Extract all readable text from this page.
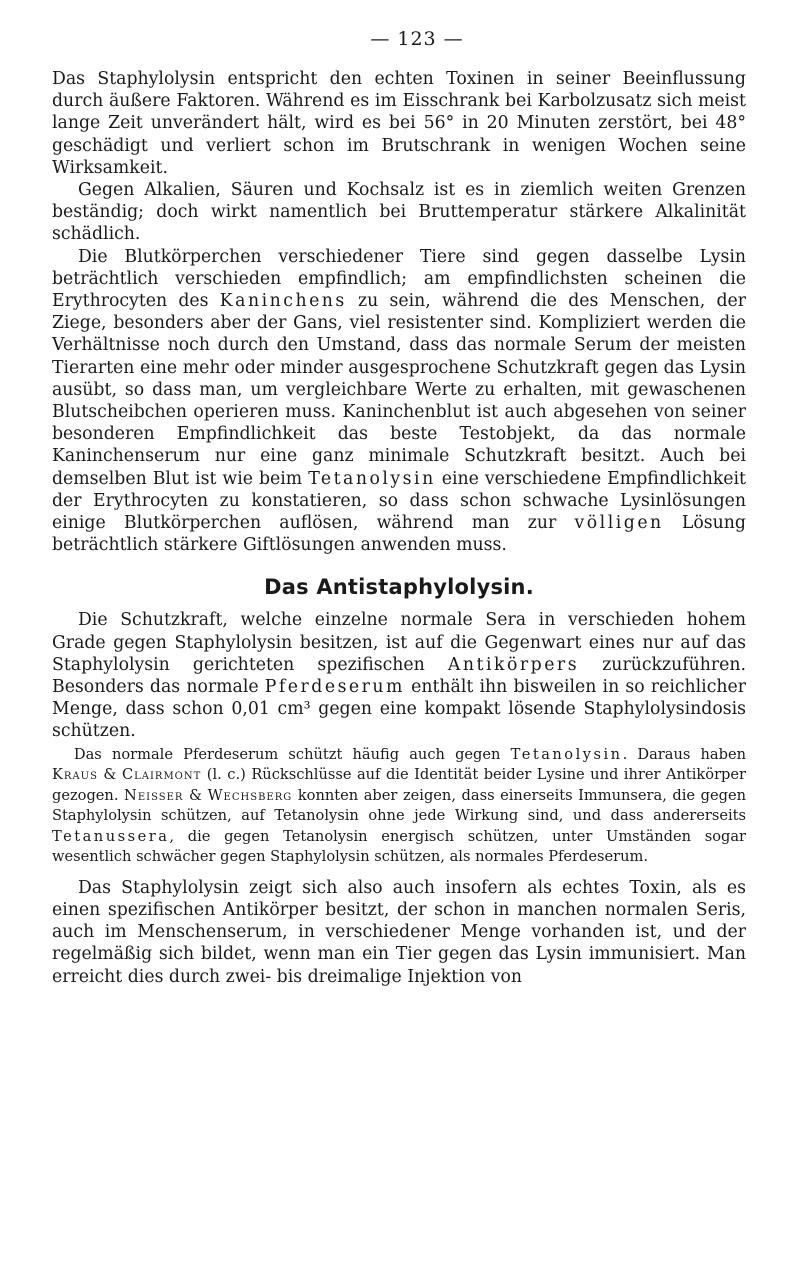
— 123 —

Das Staphylolysin entspricht den echten Toxinen in seiner Beeinflussung durch äußere Faktoren. Während es im Eisschrank bei Karbolzusatz sich meist lange Zeit unverändert hält, wird es bei 56° in 20 Minuten zerstört, bei 48° geschädigt und verliert schon im Brutschrank in wenigen Wochen seine Wirksamkeit.

Gegen Alkalien, Säuren und Kochsalz ist es in ziemlich weiten Grenzen beständig; doch wirkt namentlich bei Bruttemperatur stärkere Alkalinität schädlich.

Die Blutkörperchen verschiedener Tiere sind gegen dasselbe Lysin beträchtlich verschieden empfindlich; am empfindlichsten scheinen die Erythrocyten des Kaninchens zu sein, während die des Menschen, der Ziege, besonders aber der Gans, viel resistenter sind. Kompliziert werden die Verhältnisse noch durch den Umstand, dass das normale Serum der meisten Tierarten eine mehr oder minder ausgesprochene Schutzkraft gegen das Lysin ausübt, so dass man, um vergleichbare Werte zu erhalten, mit gewaschenen Blutscheibchen operieren muss. Kaninchenblut ist auch abgesehen von seiner besonderen Empfindlichkeit das beste Testobjekt, da das normale Kaninchenserum nur eine ganz minimale Schutzkraft besitzt. Auch bei demselben Blut ist wie beim Tetanolysin eine verschiedene Empfindlichkeit der Erythrocyten zu konstatieren, so dass schon schwache Lysinlösungen einige Blutkörperchen auflösen, während man zur völligen Lösung beträchtlich stärkere Giftlösungen anwenden muss.

Das Antistaphylolysin.

Die Schutzkraft, welche einzelne normale Sera in verschieden hohem Grade gegen Staphylolysin besitzen, ist auf die Gegenwart eines nur auf das Staphylolysin gerichteten spezifischen Antikörpers zurückzuführen. Besonders das normale Pferdeserum enthält ihn bisweilen in so reichlicher Menge, dass schon 0,01 cm³ gegen eine kompakt lösende Staphylolysindosis schützen.

Das normale Pferdeserum schützt häufig auch gegen Tetanolysin. Daraus haben Kraus & Clairmont (l. c.) Rückschlüsse auf die Identität beider Lysine und ihrer Antikörper gezogen. Neisser & Wechsberg konnten aber zeigen, dass einerseits Immunsera, die gegen Staphylolysin schützen, auf Tetanolysin ohne jede Wirkung sind, und dass andererseits Tetanussera, die gegen Tetanolysin energisch schützen, unter Umständen sogar wesentlich schwächer gegen Staphylolysin schützen, als normales Pferdeserum.

Das Staphylolysin zeigt sich also auch insofern als echtes Toxin, als es einen spezifischen Antikörper besitzt, der schon in manchen normalen Seris, auch im Menschenserum, in verschiedener Menge vorhanden ist, und der regelmäßig sich bildet, wenn man ein Tier gegen das Lysin immunisiert. Man erreicht dies durch zwei- bis dreimalige Injektion von
